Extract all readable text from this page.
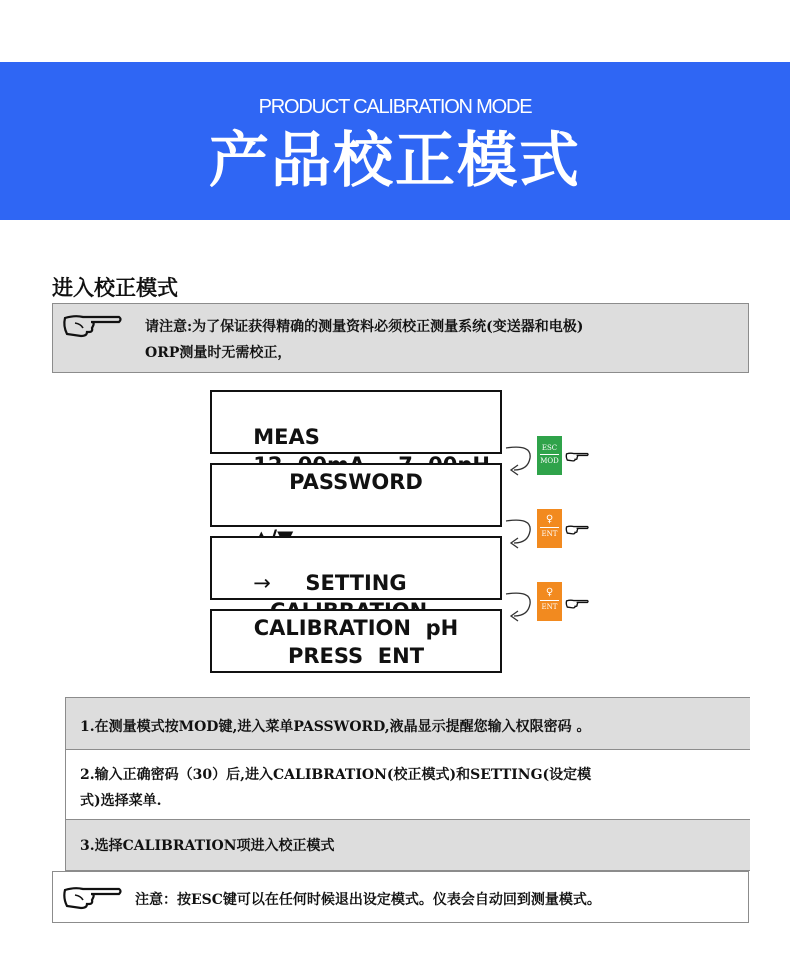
PRODUCT CALIBRATION MODE
产品校正模式
进入校正模式
请注意:为了保证获得精确的测量资料必须校正测量系统(变送器和电极)
ORP测量时无需校正，

MEAS

PASSWORD

→

	SETTING
CALIBRATION  pH
PRESS  ENT
ESC
MOD
♀
ENT
♀
ENT
1.在测量模式按MOD键,进入菜单PASSWORD,液晶显示提醒您输入权限密码 。
2.输入正确密码（30）后,进入CALIBRATION(校正模式)和SETTING(设定模
式)选择菜单.
3.选择CALIBRATION项进入校正模式
注意：按ESC键可以在任何时候退出设定模式。仪表会自动回到测量模式。
